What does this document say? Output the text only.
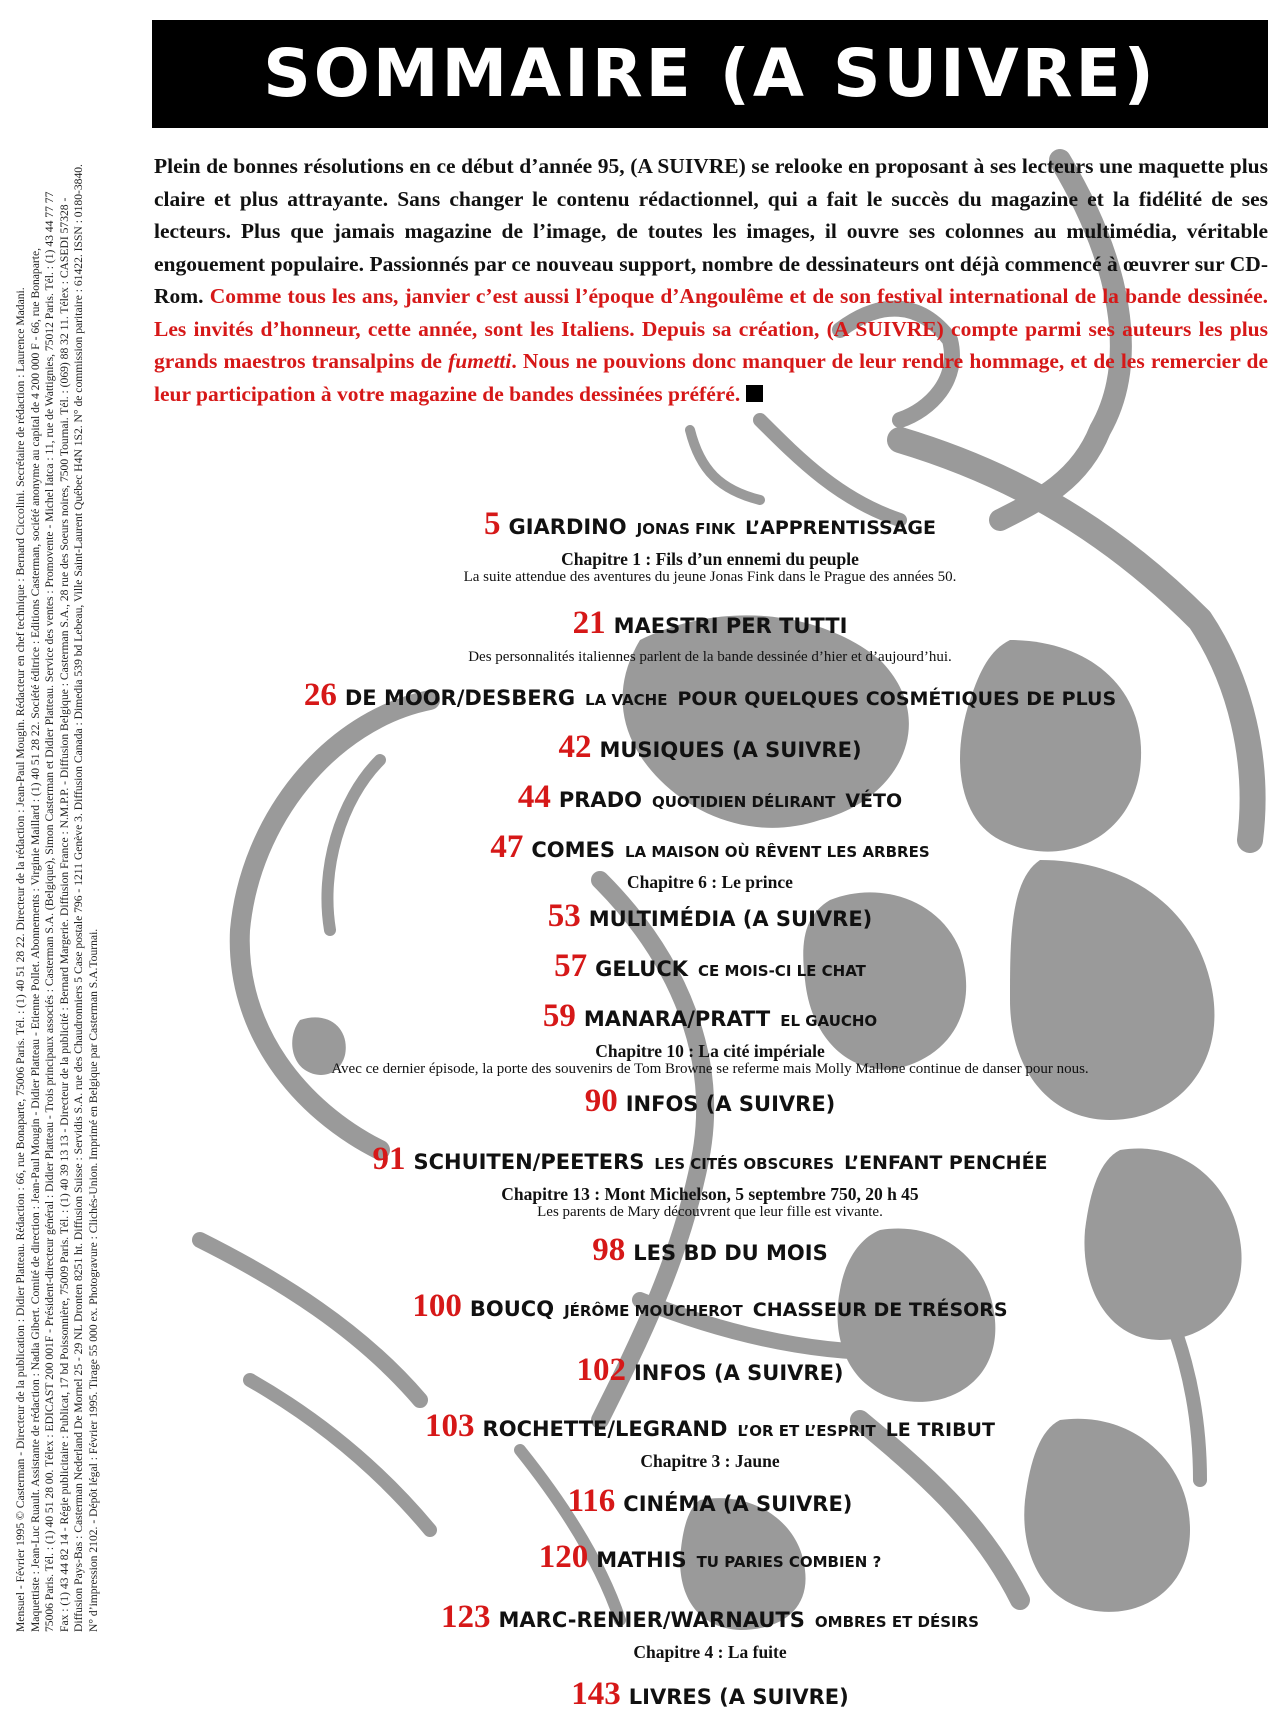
Mensuel - Février 1995 © Casterman - Directeur de la publication : Didier Platteau. Rédaction : 66, rue Bonaparte, 75006 Paris. Tél. : (1) 40 51 28 22. Directeur de la rédaction : Jean-Paul Mougin. Rédacteur en chef technique : Bernard Ciccolini. Secrétaire de rédaction : Laurence Madani. Maquettiste : Jean-Luc Ruault. Assistante de rédaction : Nadia Gibert. Comité de direction : Jean-Paul Mougin - Didier Platteau - Etienne Pollet. Abonnements : Virginie Maillard : (1) 40 51 28 22. Société éditrice : Editions Casterman, société anonyme au capital de 4 200 000 F - 66, rue Bonaparte, 75006 Paris. Tél. : (1) 40 51 28 00. Télex : EDICAST 200 001F - Président-directeur général : Didier Platteau - Trois principaux associés : Casterman S.A. (Belgique), Simon Casterman et Didier Platteau. Service des ventes : Promovente - Michel Iatca : 11, rue de Wattignies, 75012 Paris. Tél. : (1) 43 44 77 77 Fax : (1) 43 44 82 14 - Régie publicitaire : Publicat, 17 bd Poissonnière, 75009 Paris. Tél. : (1) 40 39 13 13 - Directeur de la publicité : Bernard Margerie. Diffusion France : N.M.P.P. - Diffusion Belgique : Casterman S.A., 28 rue des Soeurs noires, 7500 Tournai. Tél. : (069) 88 32 11. Télex : CASEDI 57328 - Diffusion Pays-Bas : Casterman Nederland De Mornel 25 - 29 NL Dronten 8251 ht. Diffusion Suisse : Servidis S.A. rue des Chaudronniers 5 Case postale 796 - 1211 Genève 3. Diffusion Canada : Dimedia 539 bd Lebeau, Ville Saint-Laurent Québec H4N 1S2. N° de commission paritaire : 61422. ISSN : 0180-3840. N° d’impression 2102. - Dépôt légal : Février 1995. Tirage 55 000 ex. Photogravure : Clichés-Union. Imprimé en Belgique par Casterman S.A.Tournai.

SOMMAIRE (A SUIVRE)

Plein de bonnes résolutions en ce début d’année 95, (A SUIVRE) se relooke en proposant à ses lecteurs une maquette plus claire et plus attrayante. Sans changer le contenu rédactionnel, qui a fait le succès du magazine et la fidélité de ses lecteurs. Plus que jamais magazine de l’image, de toutes les images, il ouvre ses colonnes au multimédia, véritable engouement populaire. Passionnés par ce nouveau support, nombre de dessinateurs ont déjà commencé à œuvrer sur CD-Rom. Comme tous les ans, janvier c’est aussi l’époque d’Angoulême et de son festival international de la bande dessinée. Les invités d’honneur, cette année, sont les Italiens. Depuis sa création, (A SUIVRE) compte parmi ses auteurs les plus grands maestros transalpins de fumetti. Nous ne pouvions donc manquer de leur rendre hommage, et de les remercier de leur participation à votre magazine de bandes dessinées préféré.

5 GIARDINO JONAS FINK L’APPRENTISSAGE
Chapitre 1 : Fils d’un ennemi du peuple
La suite attendue des aventures du jeune Jonas Fink dans le Prague des années 50.
21 MAESTRI PER TUTTI
Des personnalités italiennes parlent de la bande dessinée d’hier et d’aujourd’hui.
26 DE MOOR/DESBERG LA VACHE POUR QUELQUES COSMÉTIQUES DE PLUS
42 MUSIQUES (A SUIVRE)
44 PRADO QUOTIDIEN DÉLIRANT VÉTO
47 COMES LA MAISON OÙ RÊVENT LES ARBRES
Chapitre 6 : Le prince
53 MULTIMÉDIA (A SUIVRE)
57 GELUCK CE MOIS-CI LE CHAT
59 MANARA/PRATT EL GAUCHO
Chapitre 10 : La cité impériale
Avec ce dernier épisode, la porte des souvenirs de Tom Browne se referme mais Molly Mallone continue de danser pour nous.
90 INFOS (A SUIVRE)
91 SCHUITEN/PEETERS LES CITÉS OBSCURES L’ENFANT PENCHÉE
Chapitre 13 : Mont Michelson, 5 septembre 750, 20 h 45
Les parents de Mary découvrent que leur fille est vivante.
98 LES BD DU MOIS
100 BOUCQ JÉRÔME MOUCHEROT CHASSEUR DE TRÉSORS
102 INFOS (A SUIVRE)
103 ROCHETTE/LEGRAND L’OR ET L’ESPRIT LE TRIBUT
Chapitre 3 : Jaune
116 CINÉMA (A SUIVRE)
120 MATHIS TU PARIES COMBIEN ?
123 MARC-RENIER/WARNAUTS OMBRES ET DÉSIRS
Chapitre 4 : La fuite
143 LIVRES (A SUIVRE)
